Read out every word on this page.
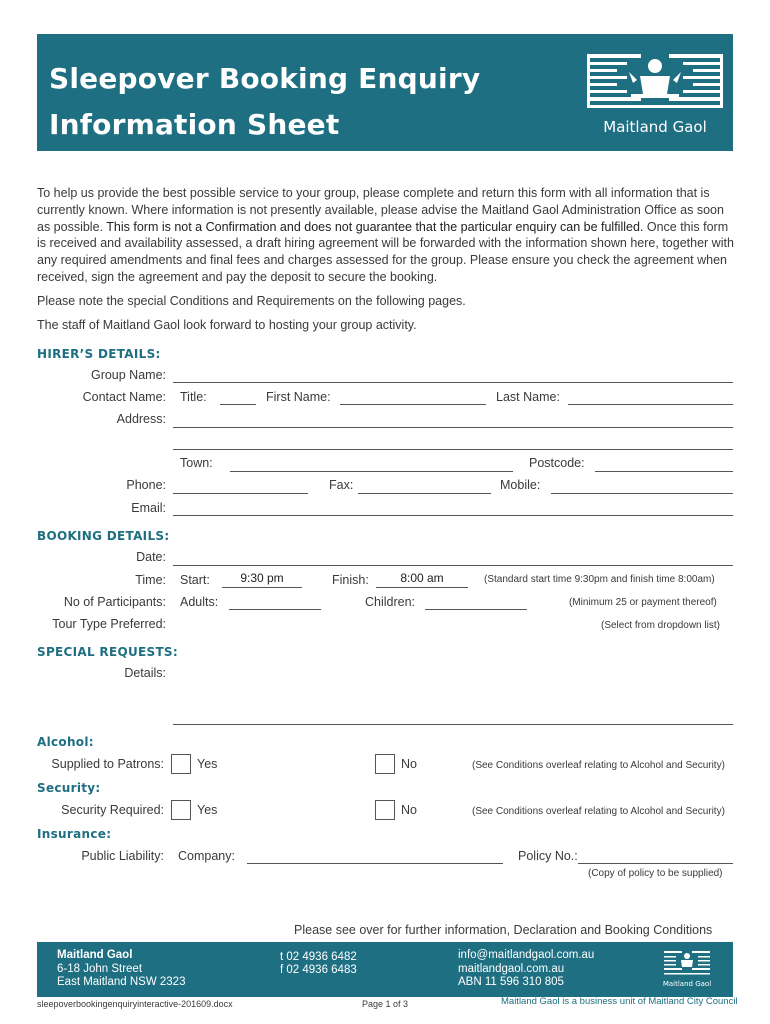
Sleepover Booking Enquiry
Information Sheet	Maitland Gaol

To help us provide the best possible service to your group, please complete and return this form with all information that is currently known. Where information is not presently available, please advise the Maitland Gaol Administration Office as soon as possible. This form is not a Confirmation and does not guarantee that the particular enquiry can be fulfilled. Once this form is received and availability assessed, a draft hiring agreement will be forwarded with the information shown here, together with any required amendments and final fees and charges assessed for the group. Please ensure you check the agreement when received, sign the agreement and pay the deposit to secure the booking.

Please note the special Conditions and Requirements on the following pages.
The staff of Maitland Gaol look forward to hosting your group activity.
HIRER’S DETAILS:
Group Name:
Contact Name: Title:	First Name:	Last Name:
Address:
Town:	Postcode:
Phone:	Fax:	Mobile:
Email:
BOOKING DETAILS:
Date:
Time: Start:	9:30 pm	Finish:	8:00 am	(Standard start time 9:30pm and finish time 8:00am)
No of Participants: Adults:	Children:	(Minimum 25 or payment thereof)
Tour Type Preferred:	(Select from dropdown list)
SPECIAL REQUESTS:
Details:
Alcohol:
Supplied to Patrons:	Yes	No	(See Conditions overleaf relating to Alcohol and Security)
Security:
Security Required:	Yes	No	(See Conditions overleaf relating to Alcohol and Security)
Insurance:
Public Liability: Company:	Policy No.:
(Copy of policy to be supplied)
Please see over for further information, Declaration and Booking Conditions
Maitland Gaol
6-18 John Street
East Maitland NSW 2323
t 02 4936 6482
f 02 4936 6483
info@maitlandgaol.com.au
maitlandgaol.com.au
ABN 11 596 310 805	Maitland Gaol
sleepoverbookingenquiryinteractive-201609.docx	Page 1 of 3	Maitland Gaol is a business unit of Maitland City Council
